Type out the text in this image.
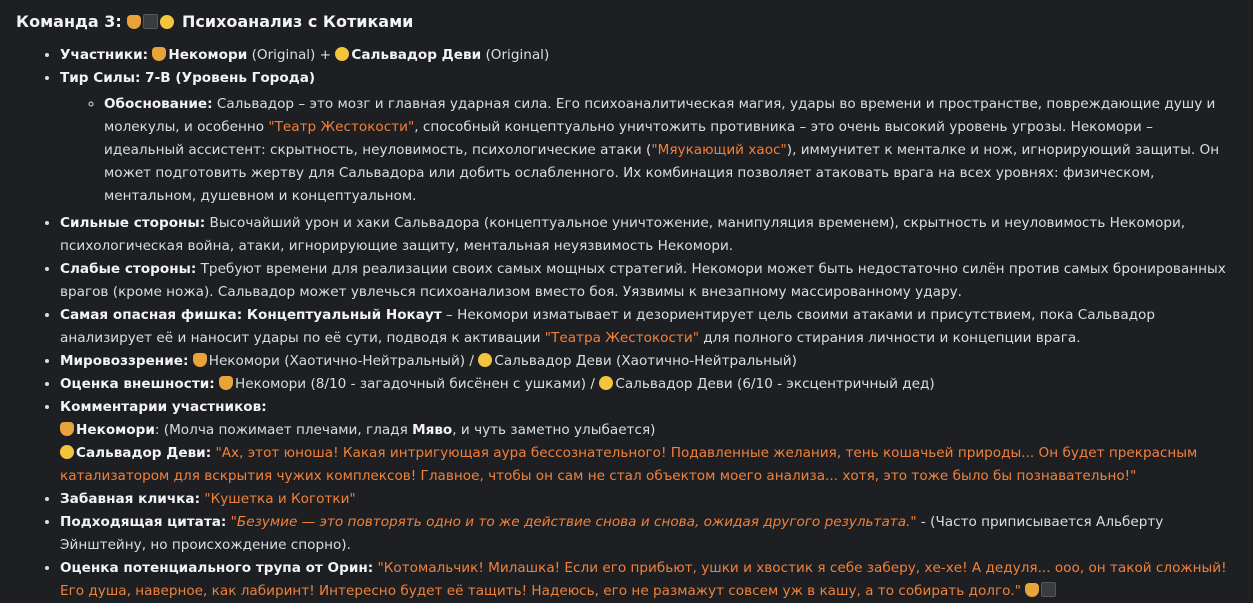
Команда 3:	Психоанализ с Котиками
• Участники: Некомори (Original) + Сальвадор Деви (Original)
• Тир Силы: 7-B (Уровень Города)
◦ Обоснование: Сальвадор – это мозг и главная ударная сила. Его психоаналитическая магия, удары во времени и пространстве, повреждающие душу и молекулы, и особенно "Театр Жестокости", способный концептуально уничтожить противника – это очень высокий уровень угрозы. Некомори – идеальный ассистент: скрытность, неуловимость, психологические атаки ("Мяукающий хаос"), иммунитет к менталке и нож, игнорирующий защиты. Он может подготовить жертву для Сальвадора или добить ослабленного. Их комбинация позволяет атаковать врага на всех уровнях: физическом, ментальном, душевном и концептуальном.
• Сильные стороны: Высочайший урон и хаки Сальвадора (концептуальное уничтожение, манипуляция временем), скрытность и неуловимость Некомори, психологическая война, атаки, игнорирующие защиту, ментальная неуязвимость Некомори.
• Слабые стороны: Требуют времени для реализации своих самых мощных стратегий. Некомори может быть недостаточно силён против самых бронированных врагов (кроме ножа). Сальвадор может увлечься психоанализом вместо боя. Уязвимы к внезапному массированному удару.
• Самая опасная фишка: Концептуальный Нокаут – Некомори изматывает и дезориентирует цель своими атаками и присутствием, пока Сальвадор анализирует её и наносит удары по её сути, подводя к активации "Театра Жестокости" для полного стирания личности и концепции врага.
• Мировоззрение: Некомори (Хаотично-Нейтральный) / Сальвадор Деви (Хаотично-Нейтральный)
• Оценка внешности: Некомори (8/10 - загадочный бисёнен с ушками) / Сальвадор Деви (6/10 - эксцентричный дед)
• Комментарии участников:
Некомори: (Молча пожимает плечами, гладя Мяво, и чуть заметно улыбается)
Сальвадор Деви: "Ах, этот юноша! Какая интригующая аура бессознательного! Подавленные желания, тень кошачьей природы... Он будет прекрасным катализатором для вскрытия чужих комплексов! Главное, чтобы он сам не стал объектом моего анализа... хотя, это тоже было бы познавательно!"
• Забавная кличка: "Кушетка и Коготки"
• Подходящая цитата: "Безумие — это повторять одно и то же действие снова и снова, ожидая другого результата." - (Часто приписывается Альберту Эйнштейну, но происхождение спорно).
• Оценка потенциального трупа от Орин: "Котомальчик! Милашка! Если его прибьют, ушки и хвостик я себе заберу, хе-хе! А дедуля... ооо, он такой сложный! Его душа, наверное, как лабиринт! Интересно будет её тащить! Надеюсь, его не размажут совсем уж в кашу, а то собирать долго."
